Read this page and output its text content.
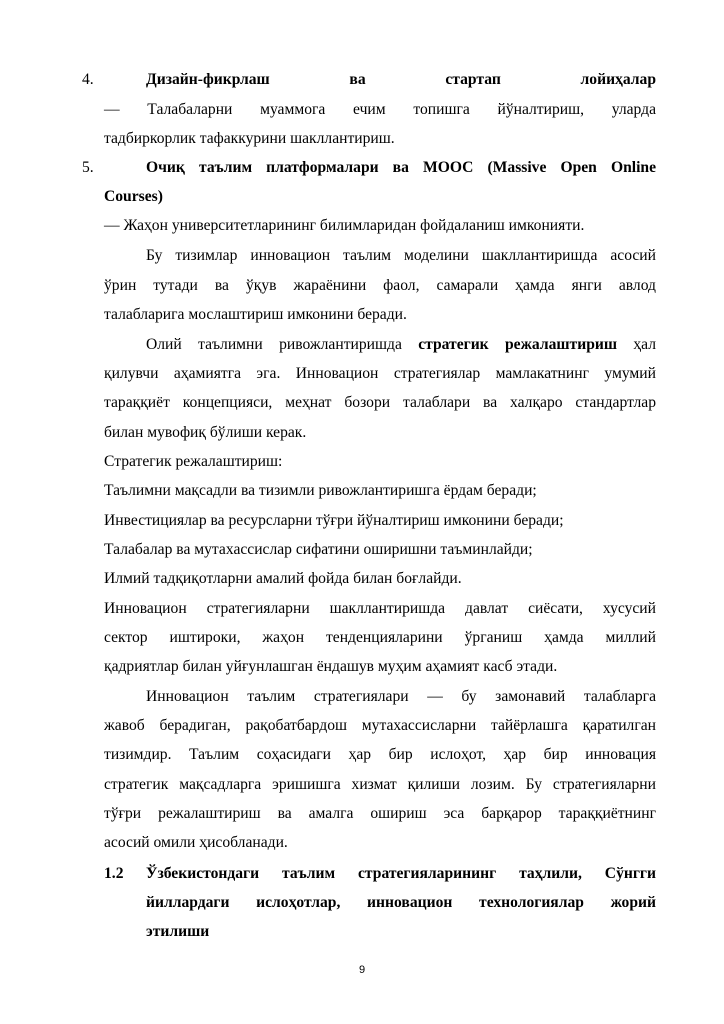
4.	Дизайн-фикрлаш ва стартап лойиҳалар
— Талабаларни муаммога ечим топишга йўналтириш, уларда
тадбиркорлик тафаккурини шакллантириш.
5.	Очиқ таълим платформалари ва МООС (Massive Open Online
Courses)
— Жаҳон университетларининг билимларидан фойдаланиш имконияти.
Бу тизимлар инновацион таълим моделини шакллантиришда асосий
ўрин тутади ва ўқув жараёнини фаол, самарали ҳамда янги авлод
талабларига мослаштириш имконини беради.
Олий таълимни ривожлантиришда стратегик режалаштириш ҳал
қилувчи аҳамиятга эга. Инновацион стратегиялар мамлакатнинг умумий
тараққиёт концепцияси, меҳнат бозори талаблари ва халқаро стандартлар
билан мувофиқ бўлиши керак.
Стратегик режалаштириш:
Таълимни мақсадли ва тизимли ривожлантиришга ёрдам беради;
Инвестициялар ва ресурсларни тўғри йўналтириш имконини беради;
Талабалар ва мутахассислар сифатини оширишни таъминлайди;
Илмий тадқиқотларни амалий фойда билан боғлайди.
Инновацион стратегияларни шакллантиришда давлат сиёсати, хусусий
сектор иштироки, жаҳон тенденцияларини ўрганиш ҳамда миллий
қадриятлар билан уйғунлашган ёндашув муҳим аҳамият касб этади.
Инновацион таълим стратегиялари — бу замонавий талабларга
жавоб берадиган, рақобатбардош мутахассисларни тайёрлашга қаратилган
тизимдир. Таълим соҳасидаги ҳар бир ислоҳот, ҳар бир инновация
стратегик мақсадларга эришишга хизмат қилиши лозим. Бу стратегияларни
тўғри режалаштириш ва амалга ошириш эса барқарор тараққиётнинг
асосий омили ҳисобланади.
1.2 Ўзбекистондаги таълим стратегияларининг таҳлили, Сўнгги
йиллардаги ислоҳотлар, инновацион технологиялар жорий
этилиши
9
